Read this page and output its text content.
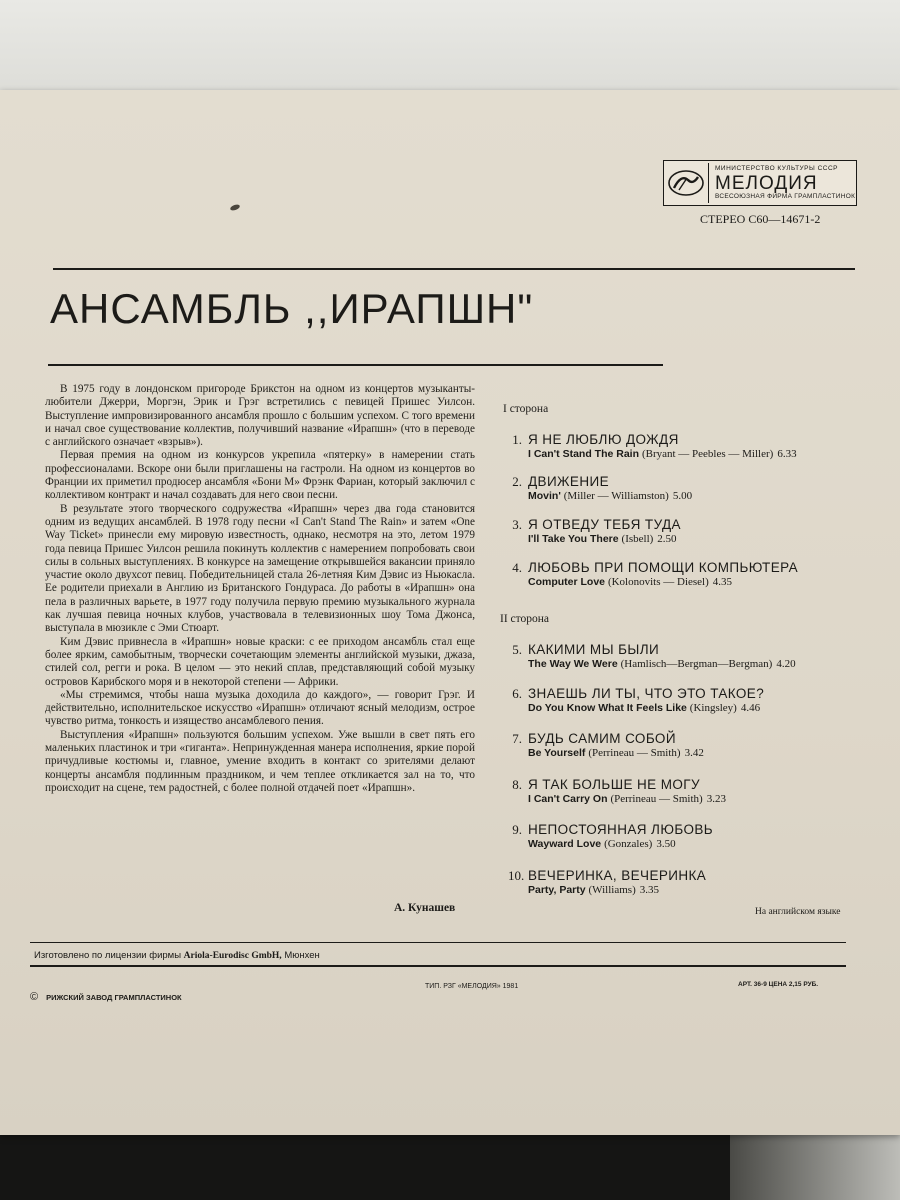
МИНИСТЕРСТВО КУЛЬТУРЫ СССР
МЕЛОДИЯ
ВСЕСОЮЗНАЯ ФИРМА ГРАМПЛАСТИНОК
СТЕРЕО С60—14671-2
АНСАМБЛЬ ,,ИРАПШН"

В 1975 году в лондонском пригороде Брикстон на одном из концертов музыканты-любители Джерри, Моргэн, Эрик и Грэг встретились с певицей Пришес Уилсон. Выступление импровизированного ансамбля прошло с большим успехом. С того времени и начал свое существование коллектив, получивший название «Ирапшн» (что в переводе с английского означает «взрыв»).

Первая премия на одном из конкурсов укрепила «пятерку» в намерении стать профессионалами. Вскоре они были приглашены на гастроли. На одном из концертов во Франции их приметил продюсер ансамбля «Бони М» Фрэнк Фариан, который заключил с коллективом контракт и начал создавать для него свои песни.

В результате этого творческого содружества «Ирапшн» через два года становится одним из ведущих ансамблей. В 1978 году песни «I Can't Stand The Rain» и затем «One Way Ticket» принесли ему мировую известность, однако, несмотря на это, летом 1979 года певица Пришес Уилсон решила покинуть коллектив с намерением попробовать свои силы в сольных выступлениях. В конкурсе на замещение открывшейся вакансии приняло участие около двухсот певиц. Победительницей стала 26-летняя Ким Дэвис из Ньюкасла. Ее родители приехали в Англию из Британского Гондураса. До работы в «Ирапшн» она пела в различных варьете, в 1977 году получила первую премию музыкального журнала как лучшая певица ночных клубов, участвовала в телевизионных шоу Тома Джонса, выступала в мюзикле с Эми Стюарт.

Ким Дэвис привнесла в «Ирапшн» новые краски: с ее приходом ансамбль стал еще более ярким, самобытным, творчески сочетающим элементы английской музыки, джаза, стилей сол, регги и рока. В целом — это некий сплав, представляющий собой музыку островов Карибского моря и в некоторой степени — Африки.

«Мы стремимся, чтобы наша музыка доходила до каждого», — говорит Грэг. И действительно, исполнительское искусство «Ирапшн» отличают ясный мелодизм, острое чувство ритма, тонкость и изящество ансамблевого пения.

Выступления «Ирапшн» пользуются большим успехом. Уже вышли в свет пять его маленьких пластинок и три «гиганта». Непринужденная манера исполнения, яркие порой причудливые костюмы и, главное, умение входить в контакт со зрителями делают концерты ансамбля подлинным праздником, и чем теплее откликается зал на то, что происходит на сцене, тем радостней, с более полной отдачей поет «Ирапшн».

А. Кунашев
I сторона
1. Я НЕ ЛЮБЛЮ ДОЖДЯ
I Can't Stand The Rain (Bryant — Peebles — Miller) 6.33
2. ДВИЖЕНИЕ
Movin' (Miller — Williamston) 5.00
3. Я ОТВЕДУ ТЕБЯ ТУДА
I'll Take You There (Isbell) 2.50
4. ЛЮБОВЬ ПРИ ПОМОЩИ КОМПЬЮТЕРА
Computer Love (Kolonovits — Diesel) 4.35
II сторона
5. КАКИМИ МЫ БЫЛИ
The Way We Were (Hamlisch—Bergman—Bergman) 4.20
6. ЗНАЕШЬ ЛИ ТЫ, ЧТО ЭТО ТАКОЕ?
Do You Know What It Feels Like (Kingsley) 4.46
7. БУДЬ САМИМ СОБОЙ
Be Yourself (Perrineau — Smith) 3.42
8. Я ТАК БОЛЬШЕ НЕ МОГУ
I Can't Carry On (Perrineau — Smith) 3.23
9. НЕПОСТОЯННАЯ ЛЮБОВЬ
Wayward Love (Gonzales) 3.50
10. ВЕЧЕРИНКА, ВЕЧЕРИНКА
Party, Party (Williams) 3.35
На английском языке
Изготовлено по лицензии фирмы Ariola-Eurodisc GmbH, Мюнхен
© РИЖСКИЙ ЗАВОД ГРАМПЛАСТИНОК
ТИП. РЗГ «МЕЛОДИЯ» 1981	АРТ. 36-9 ЦЕНА 2,15 РУБ.
